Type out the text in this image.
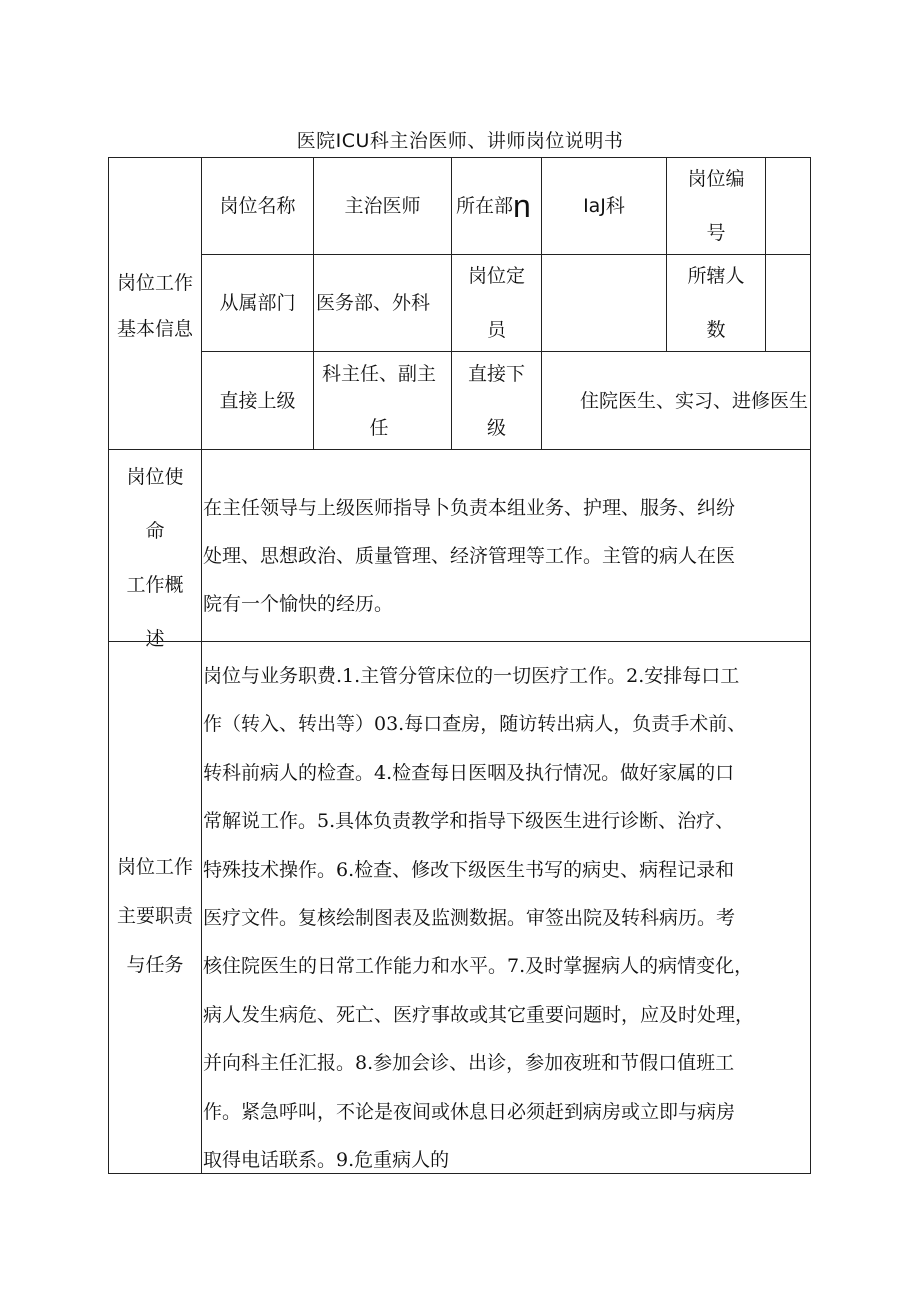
医院ICU科主治医师、讲师岗位说明书
岗位工作
基本信息
岗位名称	主治医师 所在部 n	IaJ科
岗位编
号
从属部门 医务部、外科
岗位定
员
所辖人
数
直接上级
科主任、副主
任
直接下
级
住院医生、实习、进修医生
岗位使
命
工作概
述
在主任领导与上级医师指导卜负责本组业务、护理、服务、纠纷
处理、思想政治、质量管理、经济管理等工作。主管的病人在医
院有一个愉快的经历。
岗位工作
主要职责
与任务
岗位与业务职费.1.主管分管床位的一切医疗工作。2.安排每口工
作（转入、转出等）03.每口查房，随访转出病人，负责手术前、
转科前病人的检查。4.检查每日医咽及执行情况。做好家属的口
常解说工作。5.具体负责教学和指导下级医生进行诊断、治疗、
特殊技术操作。6.检查、修改下级医生书写的病史、病程记录和
医疗文件。复核绘制图表及监测数据。审签出院及转科病历。考
核住院医生的日常工作能力和水平。7.及时掌握病人的病情变化，
病人发生病危、死亡、医疗事故或其它重要问题时，应及时处理，
并向科主任汇报。8.参加会诊、出诊，参加夜班和节假口值班工
作。紧急呼叫，不论是夜间或休息日必须赶到病房或立即与病房
取得电话联系。9.危重病人的
